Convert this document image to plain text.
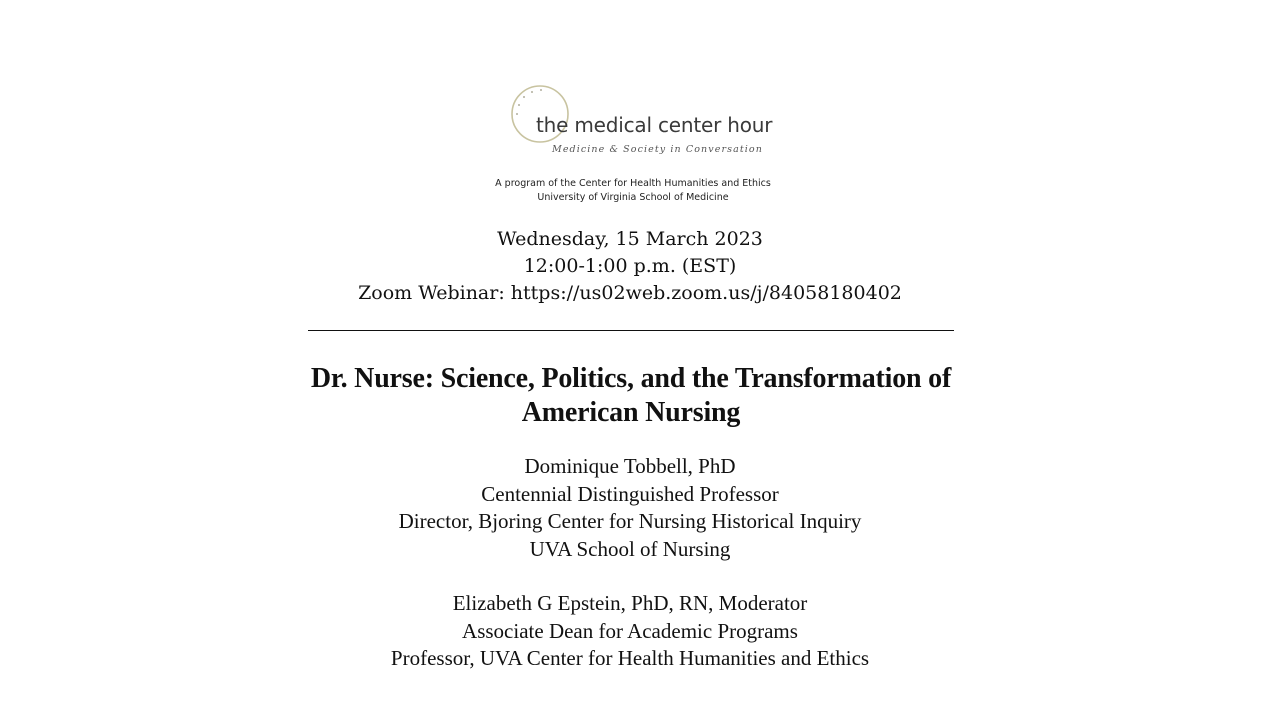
the medical center hour
Medicine & Society in Conversation
A program of the Center for Health Humanities and Ethics
University of Virginia School of Medicine
Wednesday, 15 March 2023
12:00-1:00 p.m. (EST)
Zoom Webinar: https://us02web.zoom.us/j/84058180402
Dr. Nurse: Science, Politics, and the Transformation of
American Nursing
Dominique Tobbell, PhD
Centennial Distinguished Professor
Director, Bjoring Center for Nursing Historical Inquiry
UVA School of Nursing
Elizabeth G Epstein, PhD, RN, Moderator
Associate Dean for Academic Programs
Professor, UVA Center for Health Humanities and Ethics
